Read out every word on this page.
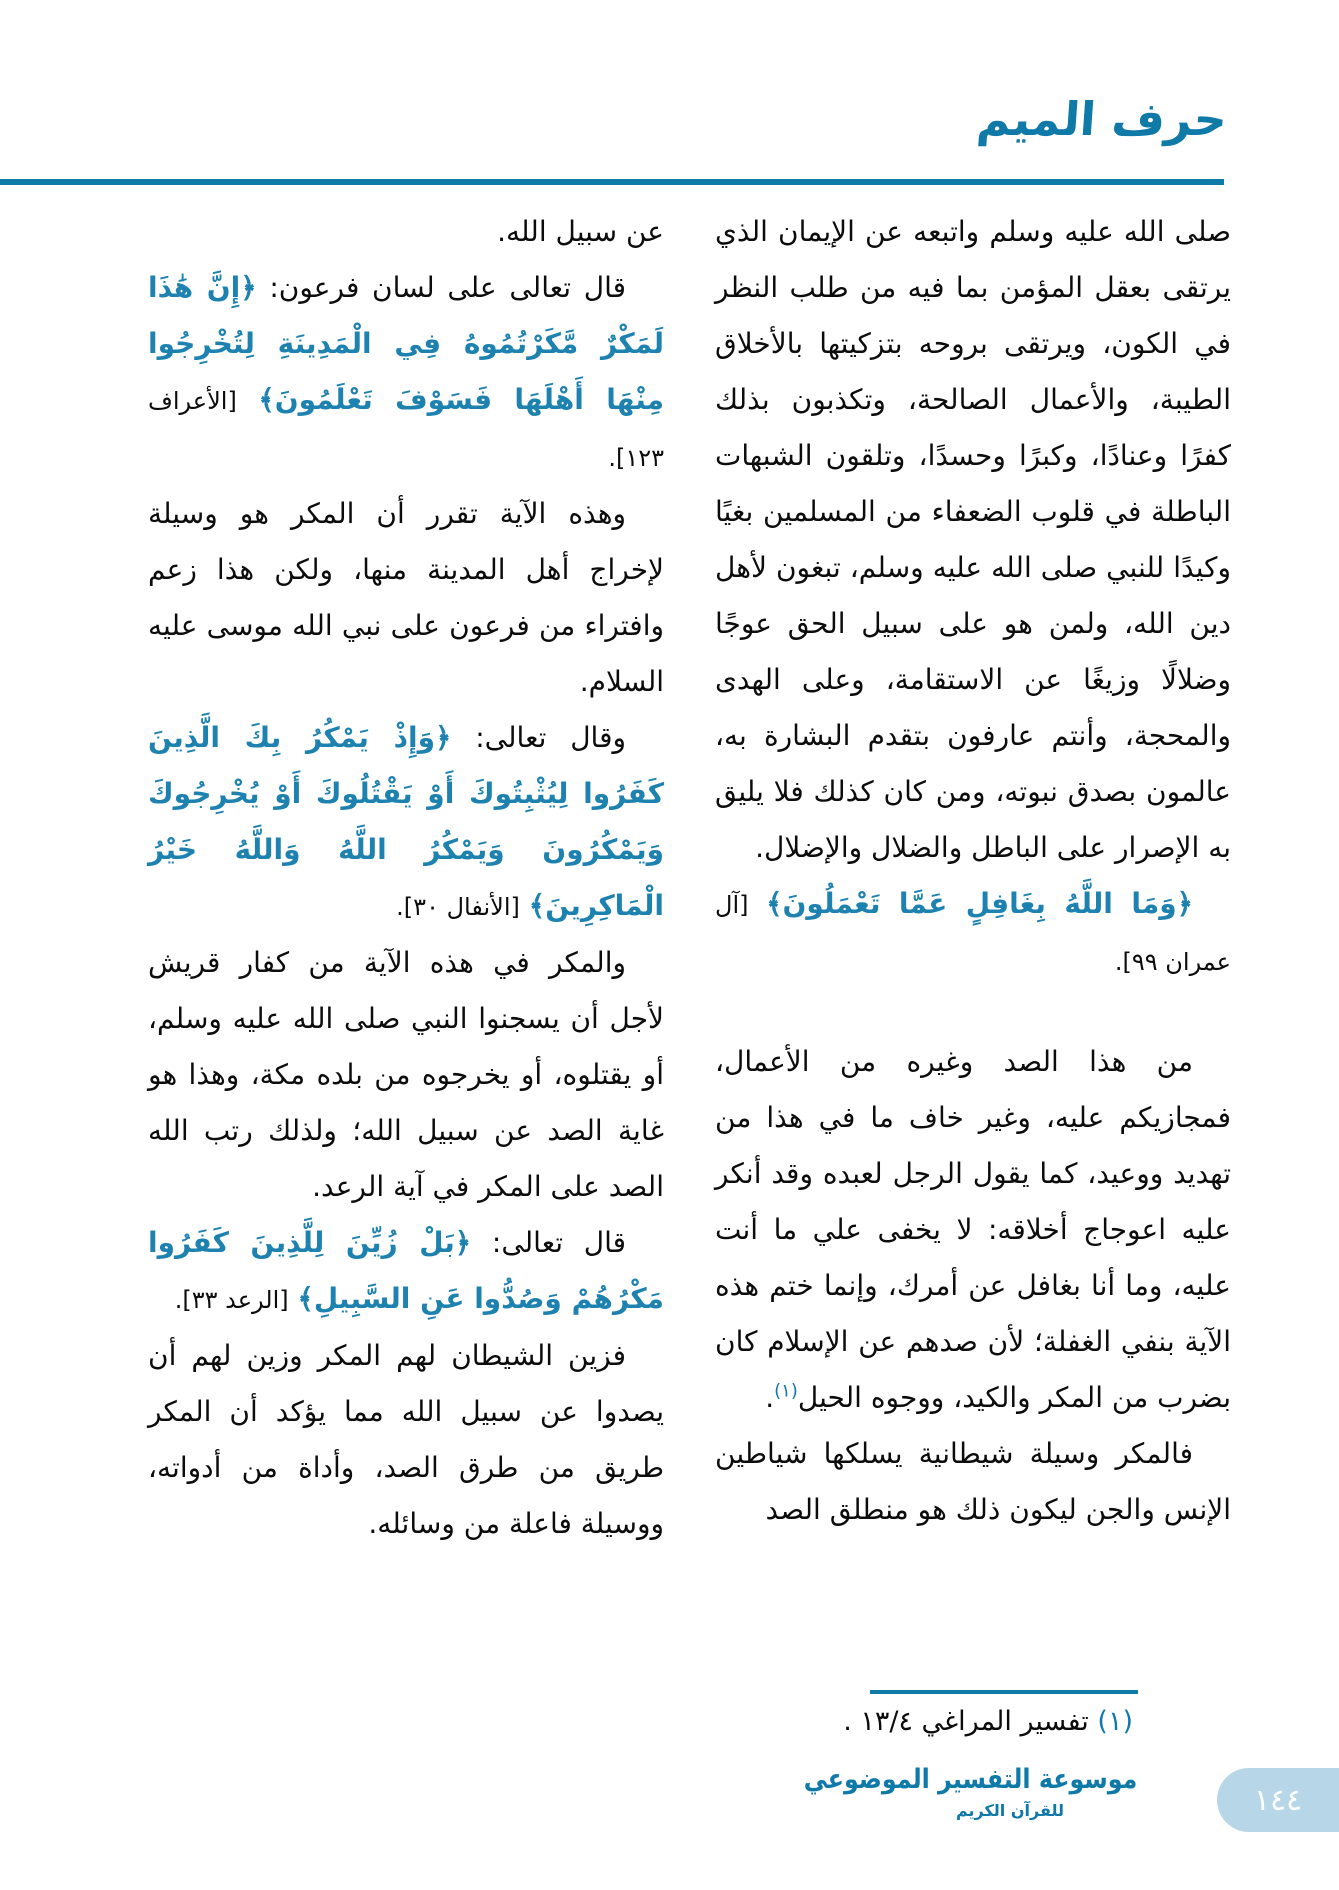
حرف الميم

صلى الله عليه وسلم واتبعه عن الإيمان الذي يرتقى بعقل المؤمن بما فيه من طلب النظر في الكون، ويرتقى بروحه بتزكيتها بالأخلاق الطيبة، والأعمال الصالحة، وتكذبون بذلك كفرًا وعنادًا، وكبرًا وحسدًا، وتلقون الشبهات الباطلة في قلوب الضعفاء من المسلمين بغيًا وكيدًا للنبي صلى الله عليه وسلم، تبغون لأهل دين الله، ولمن هو على سبيل الحق عوجًا وضلالًا وزيغًا عن الاستقامة، وعلى الهدى والمحجة، وأنتم عارفون بتقدم البشارة به، عالمون بصدق نبوته، ومن كان كذلك فلا يليق به الإصرار على الباطل والضلال والإضلال.

﴿وَمَا اللَّهُ بِغَافِلٍ عَمَّا تَعْمَلُونَ﴾ [آل عمران ٩٩].

من هذا الصد وغيره من الأعمال، فمجازيكم عليه، وغير خاف ما في هذا من تهديد ووعيد، كما يقول الرجل لعبده وقد أنكر عليه اعوجاج أخلاقه: لا يخفى علي ما أنت عليه، وما أنا بغافل عن أمرك، وإنما ختم هذه الآية بنفي الغفلة؛ لأن صدهم عن الإسلام كان بضرب من المكر والكيد، ووجوه الحيل$^{(١)}$.

فالمكر وسيلة شيطانية يسلكها شياطين الإنس والجن ليكون ذلك هو منطلق الصد

عن سبيل الله.

قال تعالى على لسان فرعون: ﴿إِنَّ هَٰذَا لَمَكْرٌ مَّكَرْتُمُوهُ فِي الْمَدِينَةِ لِتُخْرِجُوا مِنْهَا أَهْلَهَا فَسَوْفَ تَعْلَمُونَ﴾ [الأعراف ١٢٣].

وهذه الآية تقرر أن المكر هو وسيلة لإخراج أهل المدينة منها، ولكن هذا زعم وافتراء من فرعون على نبي الله موسى عليه السلام.

وقال تعالى: ﴿وَإِذْ يَمْكُرُ بِكَ الَّذِينَ كَفَرُوا لِيُثْبِتُوكَ أَوْ يَقْتُلُوكَ أَوْ يُخْرِجُوكَ وَيَمْكُرُونَ وَيَمْكُرُ اللَّهُ وَاللَّهُ خَيْرُ الْمَاكِرِينَ﴾ [الأنفال ٣٠].

والمكر في هذه الآية من كفار قريش لأجل أن يسجنوا النبي صلى الله عليه وسلم، أو يقتلوه، أو يخرجوه من بلده مكة، وهذا هو غاية الصد عن سبيل الله؛ ولذلك رتب الله الصد على المكر في آية الرعد.

قال تعالى: ﴿بَلْ زُيِّنَ لِلَّذِينَ كَفَرُوا مَكْرُهُمْ وَصُدُّوا عَنِ السَّبِيلِ﴾ [الرعد ٣٣].

فزين الشيطان لهم المكر وزين لهم أن يصدوا عن سبيل الله مما يؤكد أن المكر طريق من طرق الصد، وأداة من أدواته، ووسيلة فاعلة من وسائله.

(١) تفسير المراغي ١٣/٤ .
موسوعة التفسير الموضوعي
للقرآن الكريم	١٤٤
